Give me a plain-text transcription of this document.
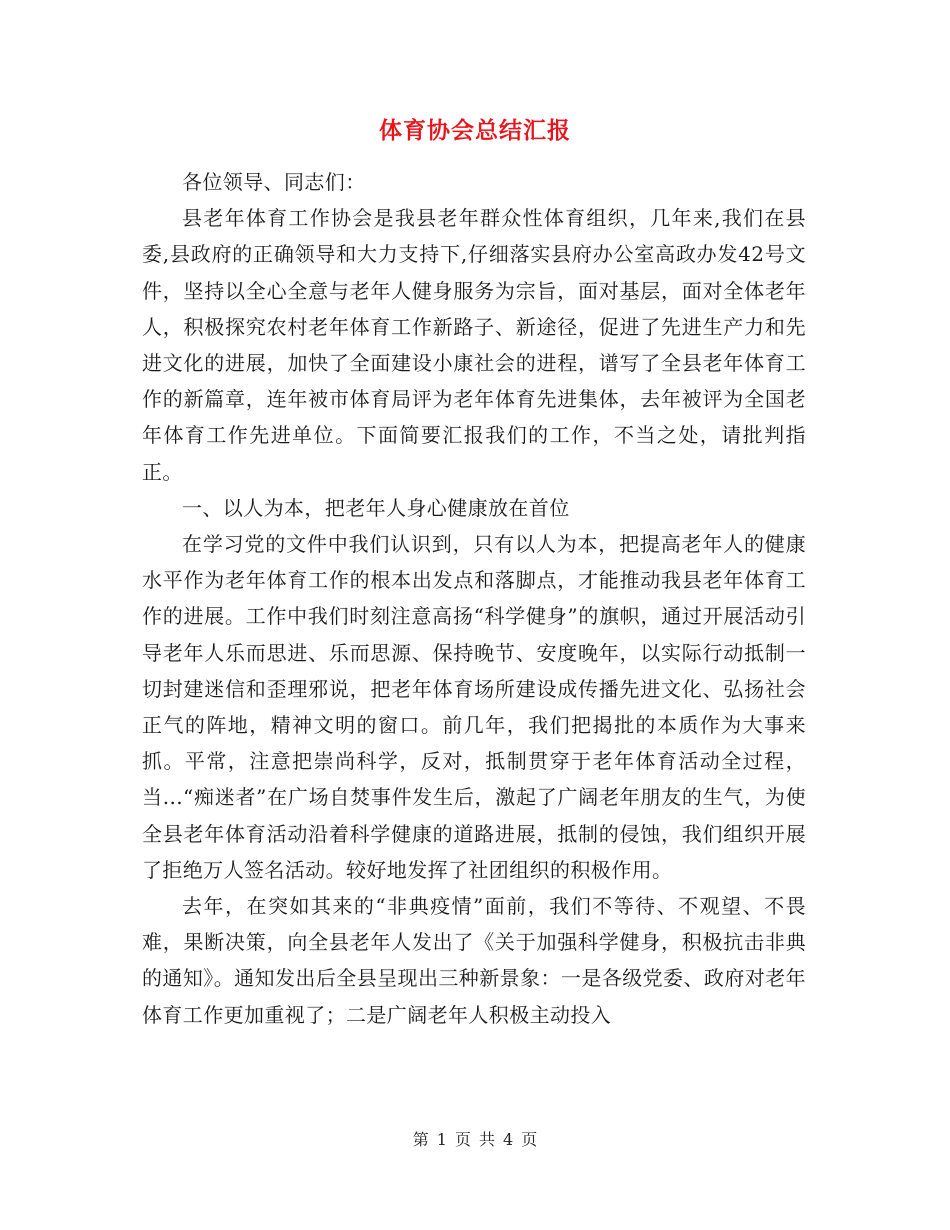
体育协会总结汇报

各位领导、同志们：

县老年体育工作协会是我县老年群众性体育组织，几年来,我们在县委,县政府的正确领导和大力支持下,仔细落实县府办公室高政办发42号文件，坚持以全心全意与老年人健身服务为宗旨，面对基层，面对全体老年人，积极探究农村老年体育工作新路子、新途径，促进了先进生产力和先进文化的进展，加快了全面建设小康社会的进程，谱写了全县老年体育工作的新篇章，连年被市体育局评为老年体育先进集体，去年被评为全国老年体育工作先进单位。下面简要汇报我们的工作，不当之处，请批判指正。

一、以人为本，把老年人身心健康放在首位

在学习党的文件中我们认识到，只有以人为本，把提高老年人的健康水平作为老年体育工作的根本出发点和落脚点，才能推动我县老年体育工作的进展。工作中我们时刻注意高扬“科学健身”的旗帜，通过开展活动引导老年人乐而思进、乐而思源、保持晚节、安度晚年，以实际行动抵制一切封建迷信和歪理邪说，把老年体育场所建设成传播先进文化、弘扬社会正气的阵地，精神文明的窗口。前几年，我们把揭批的本质作为大事来抓。平常，注意把崇尚科学，反对，抵制贯穿于老年体育活动全过程，当...“痴迷者”在广场自焚事件发生后，激起了广阔老年朋友的生气，为使全县老年体育活动沿着科学健康的道路进展，抵制的侵蚀，我们组织开展了拒绝万人签名活动。较好地发挥了社团组织的积极作用。

去年，在突如其来的“非典疫情”面前，我们不等待、不观望、不畏难，果断决策，向全县老年人发出了《关于加强科学健身，积极抗击非典的通知》。通知发出后全县呈现出三种新景象：一是各级党委、政府对老年体育工作更加重视了；二是广阔老年人积极主动投入

第 1 页 共 4 页
